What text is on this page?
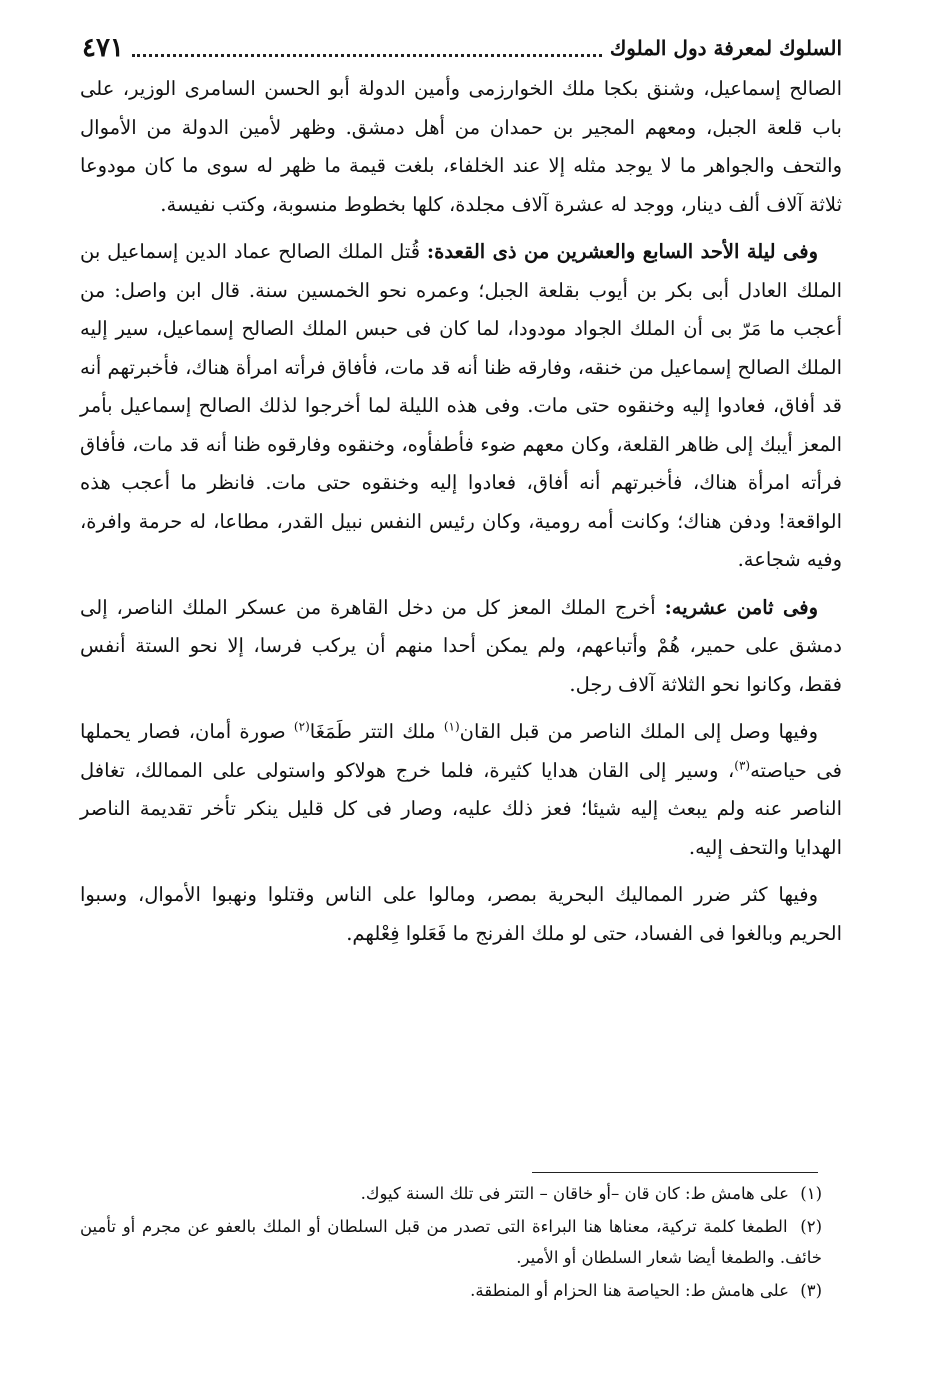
السلوك لمعرفة دول الملوك
٤٧١

الصالح إسماعيل، وشنق بكجا ملك الخوارزمى وأمين الدولة أبو الحسن السامرى الوزير، على باب قلعة الجبل، ومعهم المجير بن حمدان من أهل دمشق. وظهر لأمين الدولة من الأموال والتحف والجواهر ما لا يوجد مثله إلا عند الخلفاء، بلغت قيمة ما ظهر له سوى ما كان مودوعا ثلاثة آلاف ألف دينار، ووجد له عشرة آلاف مجلدة، كلها بخطوط منسوبة، وكتب نفيسة.

وفى ليلة الأحد السابع والعشرين من ذى القعدة: قُتل الملك الصالح عماد الدين إسماعيل بن الملك العادل أبى بكر بن أيوب بقلعة الجبل؛ وعمره نحو الخمسين سنة. قال ابن واصل: من أعجب ما مَرّ بى أن الملك الجواد مودودا، لما كان فى حبس الملك الصالح إسماعيل، سير إليه الملك الصالح إسماعيل من خنقه، وفارقه ظنا أنه قد مات، فأفاق فرأته امرأة هناك، فأخبرتهم أنه قد أفاق، فعادوا إليه وخنقوه حتى مات. وفى هذه الليلة لما أخرجوا لذلك الصالح إسماعيل بأمر المعز أيبك إلى ظاهر القلعة، وكان معهم ضوء فأطفأوه، وخنقوه وفارقوه ظنا أنه قد مات، فأفاق فرأته امرأة هناك، فأخبرتهم أنه أفاق، فعادوا إليه وخنقوه حتى مات. فانظر ما أعجب هذه الواقعة! ودفن هناك؛ وكانت أمه رومية، وكان رئيس النفس نبيل القدر، مطاعا، له حرمة وافرة، وفيه شجاعة.

وفى ثامن عشريه: أخرج الملك المعز كل من دخل القاهرة من عسكر الملك الناصر، إلى دمشق على حمير، هُمْ وأتباعهم، ولم يمكن أحدا منهم أن يركب فرسا، إلا نحو الستة أنفس فقط، وكانوا نحو الثلاثة آلاف رجل.

وفيها وصل إلى الملك الناصر من قبل القان$^{(١)}$ ملك التتر طَمَغَا$^{(٢)}$ صورة أمان، فصار يحملها فى حياصته$^{(٣)}$، وسير إلى القان هدايا كثيرة، فلما خرج هولاكو واستولى على الممالك، تغافل الناصر عنه ولم يبعث إليه شيئا؛ فعز ذلك عليه، وصار فى كل قليل ينكر تأخر تقديمة الناصر الهدايا والتحف إليه.

وفيها كثر ضرر المماليك البحرية بمصر، ومالوا على الناس وقتلوا ونهبوا الأموال، وسبوا الحريم وبالغوا فى الفساد، حتى لو ملك الفرنج ما فَعَلوا فِعْلهم.

(١) على هامش ط: كان قان –أو خاقان – التتر فى تلك السنة كيوك.

(٢) الطمغا كلمة تركية، معناها هنا البراءة التى تصدر من قبل السلطان أو الملك بالعفو عن مجرم أو تأمين خائف. والطمغا أيضا شعار السلطان أو الأمير.

(٣) على هامش ط: الحياصة هنا الحزام أو المنطقة.
